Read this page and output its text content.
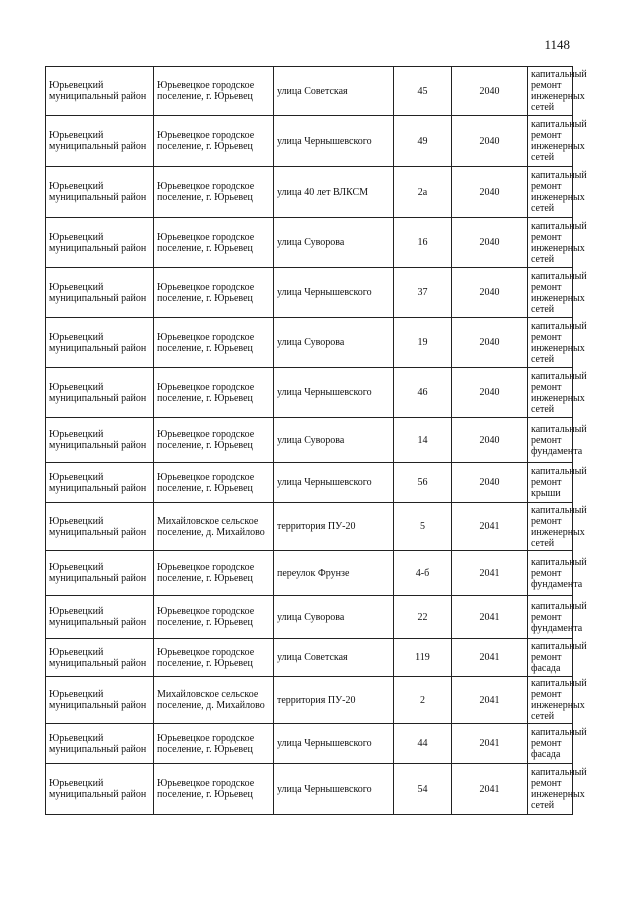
1148
Юрьевецкий муниципальный район	Юрьевецкое городское поселение, г. Юрьевец	улица Советская	45	2040	капитальный ремонт инженерных сетей
Юрьевецкий муниципальный район	Юрьевецкое городское поселение, г. Юрьевец	улица Чернышевского	49	2040	капитальный ремонт инженерных сетей
Юрьевецкий муниципальный район	Юрьевецкое городское поселение, г. Юрьевец	улица 40 лет ВЛКСМ	2а	2040	капитальный ремонт инженерных сетей
Юрьевецкий муниципальный район	Юрьевецкое городское поселение, г. Юрьевец	улица Суворова	16	2040	капитальный ремонт инженерных сетей
Юрьевецкий муниципальный район	Юрьевецкое городское поселение, г. Юрьевец	улица Чернышевского	37	2040	капитальный ремонт инженерных сетей
Юрьевецкий муниципальный район	Юрьевецкое городское поселение, г. Юрьевец	улица Суворова	19	2040	капитальный ремонт инженерных сетей
Юрьевецкий муниципальный район	Юрьевецкое городское поселение, г. Юрьевец	улица Чернышевского	46	2040	капитальный ремонт инженерных сетей
Юрьевецкий муниципальный район	Юрьевецкое городское поселение, г. Юрьевец	улица Суворова	14	2040	капитальный ремонт фундамента
Юрьевецкий муниципальный район	Юрьевецкое городское поселение, г. Юрьевец	улица Чернышевского	56	2040	капитальный ремонт крыши
Юрьевецкий муниципальный район	Михайловское сельское поселение, д. Михайлово	территория ПУ-20	5	2041	капитальный ремонт инженерных сетей
Юрьевецкий муниципальный район	Юрьевецкое городское поселение, г. Юрьевец	переулок Фрунзе	4-б	2041	капитальный ремонт фундамента
Юрьевецкий муниципальный район	Юрьевецкое городское поселение, г. Юрьевец	улица Суворова	22	2041	капитальный ремонт фундамента
Юрьевецкий муниципальный район	Юрьевецкое городское поселение, г. Юрьевец	улица Советская	119	2041	капитальный ремонт фасада
Юрьевецкий муниципальный район	Михайловское сельское поселение, д. Михайлово	территория ПУ-20	2	2041	капитальный ремонт инженерных сетей
Юрьевецкий муниципальный район	Юрьевецкое городское поселение, г. Юрьевец	улица Чернышевского	44	2041	капитальный ремонт фасада
Юрьевецкий муниципальный район	Юрьевецкое городское поселение, г. Юрьевец	улица Чернышевского	54	2041	капитальный ремонт инженерных сетей
